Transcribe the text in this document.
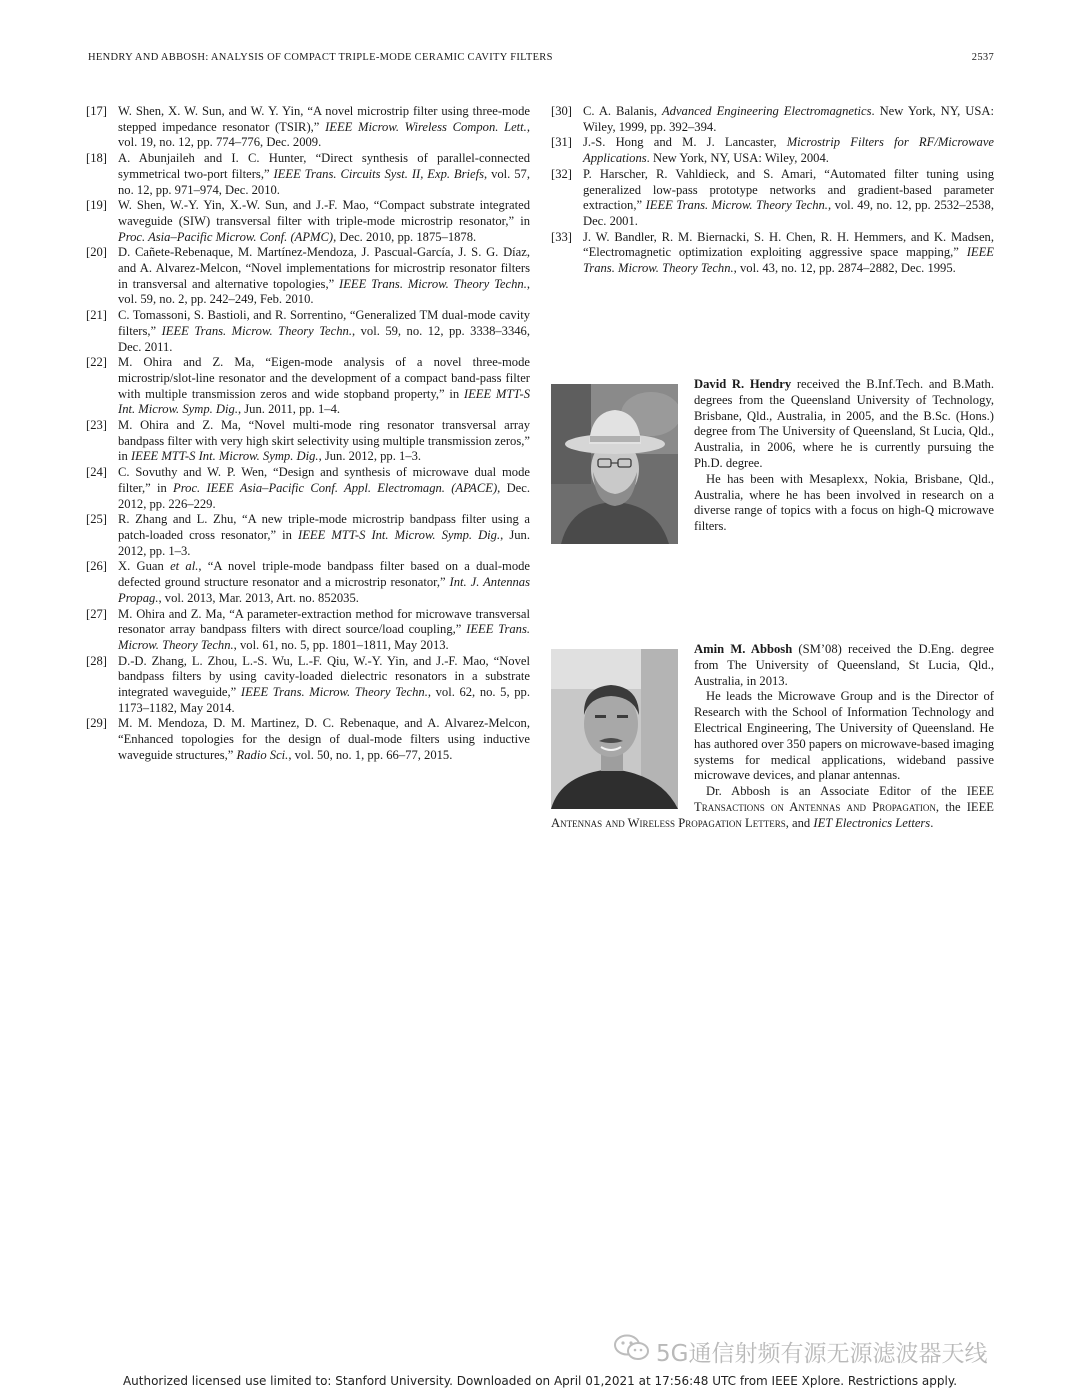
HENDRY AND ABBOSH: ANALYSIS OF COMPACT TRIPLE-MODE CERAMIC CAVITY FILTERS	2537
[17] W. Shen, X. W. Sun, and W. Y. Yin, “A novel microstrip filter using three-mode stepped impedance resonator (TSIR),” IEEE Microw. Wireless Compon. Lett., vol. 19, no. 12, pp. 774–776, Dec. 2009.
[18] A. Abunjaileh and I. C. Hunter, “Direct synthesis of parallel-connected symmetrical two-port filters,” IEEE Trans. Circuits Syst. II, Exp. Briefs, vol. 57, no. 12, pp. 971–974, Dec. 2010.
[19] W. Shen, W.-Y. Yin, X.-W. Sun, and J.-F. Mao, “Compact substrate integrated waveguide (SIW) transversal filter with triple-mode microstrip resonator,” in Proc. Asia–Pacific Microw. Conf. (APMC), Dec. 2010, pp. 1875–1878.
[20] D. Cañete-Rebenaque, M. Martínez-Mendoza, J. Pascual-García, J. S. G. Díaz, and A. Alvarez-Melcon, “Novel implementations for microstrip resonator filters in transversal and alternative topologies,” IEEE Trans. Microw. Theory Techn., vol. 59, no. 2, pp. 242–249, Feb. 2010.
[21] C. Tomassoni, S. Bastioli, and R. Sorrentino, “Generalized TM dual-mode cavity filters,” IEEE Trans. Microw. Theory Techn., vol. 59, no. 12, pp. 3338–3346, Dec. 2011.
[22] M. Ohira and Z. Ma, “Eigen-mode analysis of a novel three-mode microstrip/slot-line resonator and the development of a compact band-pass filter with multiple transmission zeros and wide stopband property,” in IEEE MTT-S Int. Microw. Symp. Dig., Jun. 2011, pp. 1–4.
[23] M. Ohira and Z. Ma, “Novel multi-mode ring resonator transversal array bandpass filter with very high skirt selectivity using multiple transmission zeros,” in IEEE MTT-S Int. Microw. Symp. Dig., Jun. 2012, pp. 1–3.
[24] C. Sovuthy and W. P. Wen, “Design and synthesis of microwave dual mode filter,” in Proc. IEEE Asia–Pacific Conf. Appl. Electromagn. (APACE), Dec. 2012, pp. 226–229.
[25] R. Zhang and L. Zhu, “A new triple-mode microstrip bandpass filter using a patch-loaded cross resonator,” in IEEE MTT-S Int. Microw. Symp. Dig., Jun. 2012, pp. 1–3.
[26] X. Guan et al., “A novel triple-mode bandpass filter based on a dual-mode defected ground structure resonator and a microstrip resonator,” Int. J. Antennas Propag., vol. 2013, Mar. 2013, Art. no. 852035.
[27] M. Ohira and Z. Ma, “A parameter-extraction method for microwave transversal resonator array bandpass filters with direct source/load coupling,” IEEE Trans. Microw. Theory Techn., vol. 61, no. 5, pp. 1801–1811, May 2013.
[28] D.-D. Zhang, L. Zhou, L.-S. Wu, L.-F. Qiu, W.-Y. Yin, and J.-F. Mao, “Novel bandpass filters by using cavity-loaded dielectric resonators in a substrate integrated waveguide,” IEEE Trans. Microw. Theory Techn., vol. 62, no. 5, pp. 1173–1182, May 2014.
[29] M. M. Mendoza, D. M. Martinez, D. C. Rebenaque, and A. Alvarez-Melcon, “Enhanced topologies for the design of dual-mode filters using inductive waveguide structures,” Radio Sci., vol. 50, no. 1, pp. 66–77, 2015.
[30] C. A. Balanis, Advanced Engineering Electromagnetics. New York, NY, USA: Wiley, 1999, pp. 392–394.
[31] J.-S. Hong and M. J. Lancaster, Microstrip Filters for RF/Microwave Applications. New York, NY, USA: Wiley, 2004.
[32] P. Harscher, R. Vahldieck, and S. Amari, “Automated filter tuning using generalized low-pass prototype networks and gradient-based parameter extraction,” IEEE Trans. Microw. Theory Techn., vol. 49, no. 12, pp. 2532–2538, Dec. 2001.
[33] J. W. Bandler, R. M. Biernacki, S. H. Chen, R. H. Hemmers, and K. Madsen, “Electromagnetic optimization exploiting aggressive space mapping,” IEEE Trans. Microw. Theory Techn., vol. 43, no. 12, pp. 2874–2882, Dec. 1995.

David R. Hendry received the B.Inf.Tech. and B.Math. degrees from the Queensland University of Technology, Brisbane, Qld., Australia, in 2005, and the B.Sc. (Hons.) degree from The University of Queensland, St Lucia, Qld., Australia, in 2006, where he is currently pursuing the Ph.D. degree.

He has been with Mesaplexx, Nokia, Brisbane, Qld., Australia, where he has been involved in research on a diverse range of topics with a focus on high-Q microwave filters.

Amin M. Abbosh (SM’08) received the D.Eng. degree from The University of Queensland, St Lucia, Qld., Australia, in 2013.

He leads the Microwave Group and is the Director of Research with the School of Information Technology and Electrical Engineering, The University of Queensland. He has authored over 350 papers on microwave-based imaging systems for medical applications, wideband passive microwave devices, and planar antennas.

Dr. Abbosh is an Associate Editor of the IEEE Transactions on Antennas and Propagation, the IEEE Antennas and Wireless Propagation Letters, and IET Electronics Letters.

5G通信射频有源无源滤波器天线
Authorized licensed use limited to: Stanford University. Downloaded on April 01,2021 at 17:56:48 UTC from IEEE Xplore. Restrictions apply.
